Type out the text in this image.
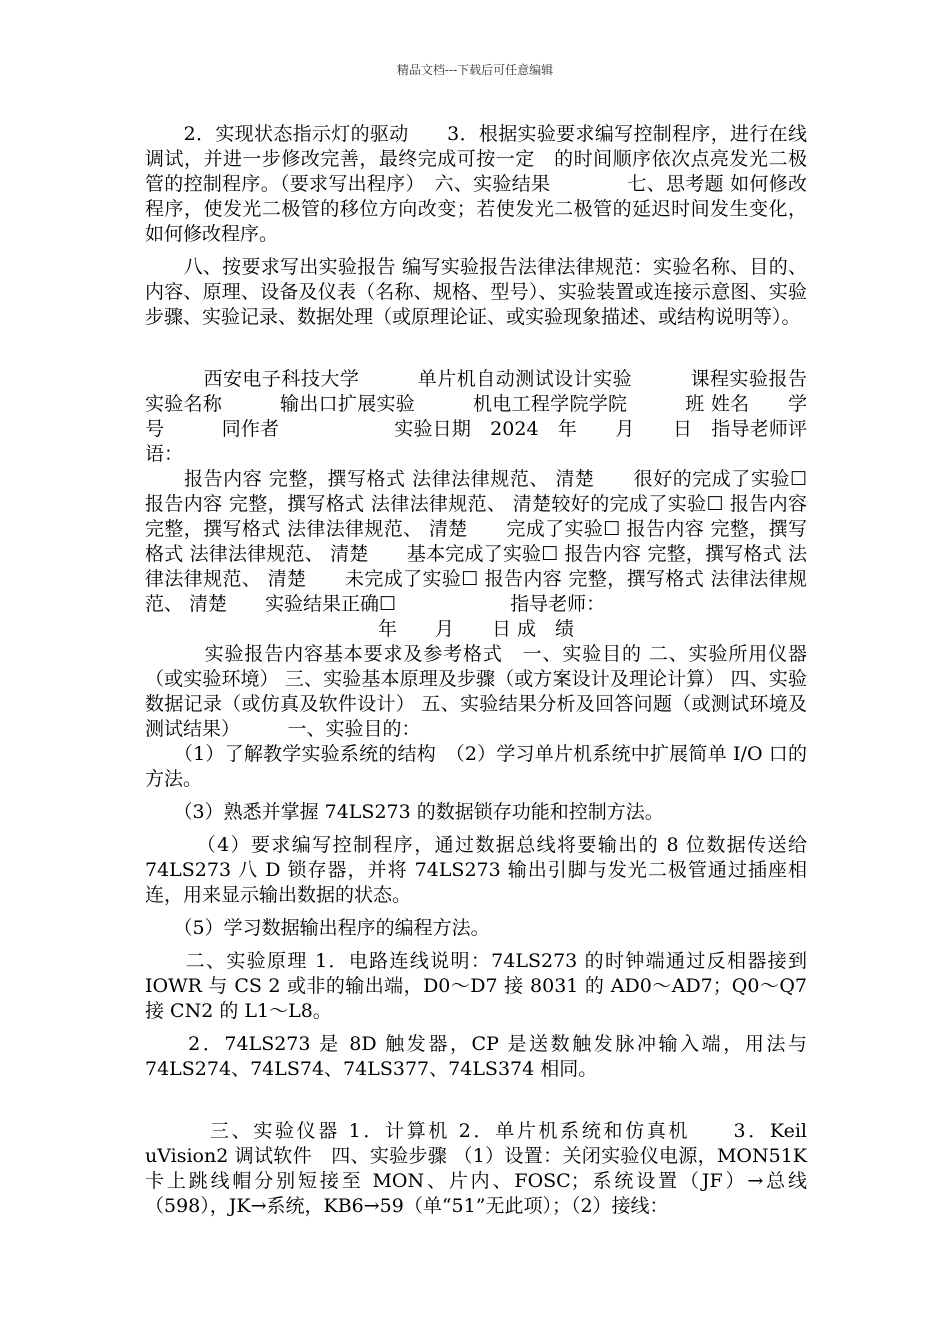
精品文档---下载后可任意编辑

　　2．实现状态指示灯的驱动　　3．根据实验要求编写控制程序，进行在线调试，并进一步修改完善，最终完成可按一定　的时间顺序依次点亮发光二极管的控制程序。（要求写出程序）　六、实验结果　　　　七、思考题 如何修改程序，使发光二极管的移位方向改变；若使发光二极管的延迟时间发生变化，如何修改程序。

　　八、按要求写出实验报告 编写实验报告法律法律规范：实验名称、目的、内容、原理、设备及仪表（名称、规格、型号）、实验装置或连接示意图、实验步骤、实验记录、数据处理（或原理论证、或实验现象描述、或结构说明等）。

　　　西安电子科技大学　　　单片机自动测试设计实验　　　课程实验报告　　实验名称　　　输出口扩展实验　　　机电工程学院学院　　　班 姓名　　学号　　　同作者　　　　　　实验日期　2024　年　　月　　日　指导老师评语：

　　报告内容 完整，撰写格式 法律法律规范、 清楚　　很好的完成了实验☐ 报告内容 完整，撰写格式 法律法律规范、 清楚较好的完成了实验☐ 报告内容 完整，撰写格式 法律法律规范、 清楚　　完成了实验☐ 报告内容 完整，撰写格式 法律法律规范、 清楚　　基本完成了实验☐ 报告内容 完整，撰写格式 法律法律规范、 清楚　　未完成了实验☐ 报告内容 完整，撰写格式 法律法律规范、 清楚　　实验结果正确☐　　　　　　指导老师：

年　　月　　日 成　绩

　　　实验报告内容基本要求及参考格式　一、实验目的 二、实验所用仪器（或实验环境） 三、实验基本原理及步骤（或方案设计及理论计算） 四、实验数据记录（或仿真及软件设计） 五、实验结果分析及回答问题（或测试环境及测试结果）　　　一、实验目的：

　　（1）了解教学实验系统的结构　（2）学习单片机系统中扩展简单 I/O 口的方法。

　　（3）熟悉并掌握 74LS273 的数据锁存功能和控制方法。

　　　（4）要求编写控制程序，通过数据总线将要输出的 8 位数据传送给 74LS273 八 D 锁存器，并将 74LS273 输出引脚与发光二极管通过插座相连，用来显示输出数据的状态。

　　（5）学习数据输出程序的编程方法。

　　二、实验原理 1．电路连线说明：74LS273 的时钟端通过反相器接到 IOWR 与 CS 2 或非的输出端，D0～D7 接 8031 的 AD0～AD7；Q0～Q7 接 CN2 的 L1～L8。

　　2．74LS273 是 8D 触发器，CP 是送数触发脉冲输入端，用法与 74LS274、74LS74、74LS377、74LS374 相同。

　　　三、实验仪器 1．计算机 2．单片机系统和仿真机　　3．Keil uVision2 调试软件　四、实验步骤 （1）设置：关闭实验仪电源，MON51K 卡上跳线帽分别短接至 MON、片内、FOSC；系统设置（JF）→总线（598），JK→系统，KB6→59（单“51”无此项）；（2）接线：
